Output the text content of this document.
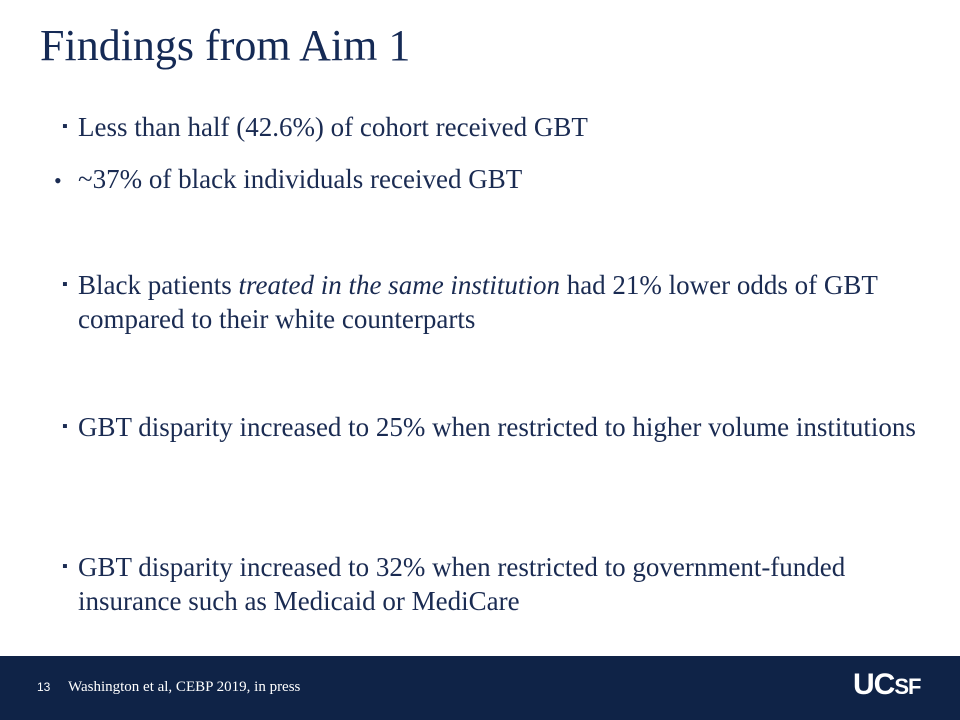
Findings from Aim 1
▪ Less than half (42.6%) of cohort received GBT
• ~37% of black individuals received GBT
▪ Black patients treated in the same institution had 21% lower odds of GBT compared to their white counterparts
▪ GBT disparity increased to 25% when restricted to higher volume institutions
▪ GBT disparity increased to 32% when restricted to government-funded insurance such as Medicaid or MediCare
13 Washington et al, CEBP 2019, in press	UCSF
